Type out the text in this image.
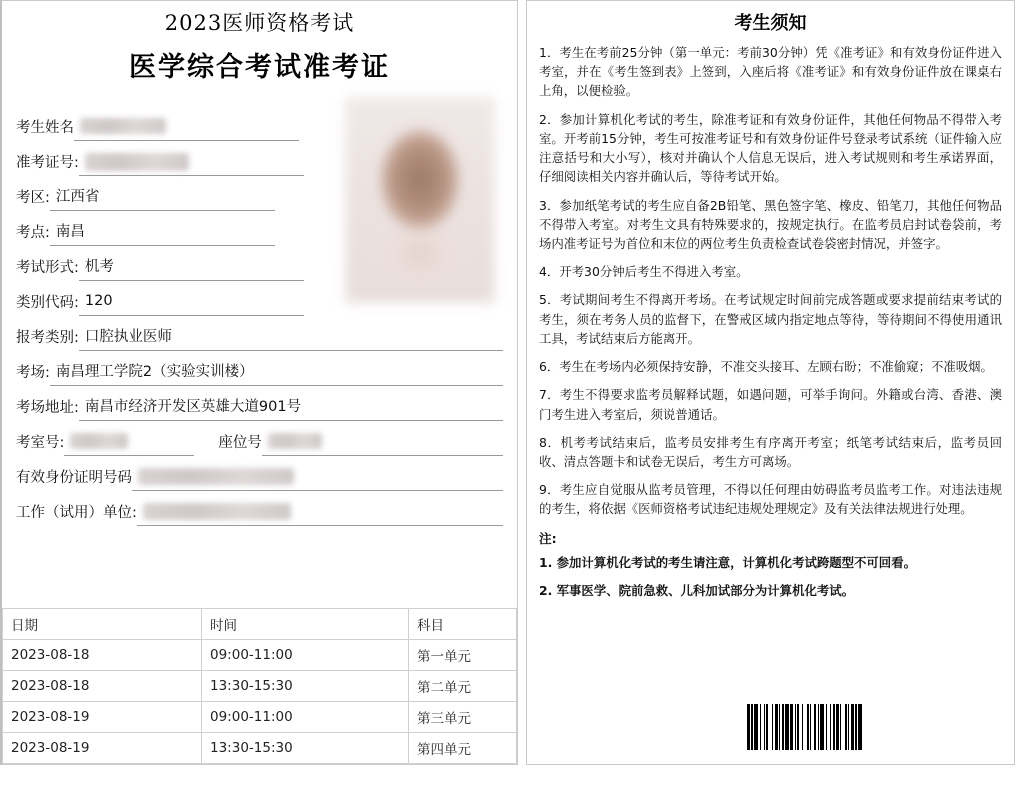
2023医师资格考试
医学综合考试准考证
考生姓名
准考证号:
考区: 江西省
考点: 南昌
考试形式: 机考
类别代码: 120
报考类别: 口腔执业医师
考场: 南昌理工学院2（实验实训楼）
考场地址: 南昌市经济开发区英雄大道901号
考室号:	座位号
有效身份证明号码
工作（试用）单位:
日期	时间	科目
2023-08-18	09:00-11:00	第一单元
2023-08-18	13:30-15:30	第二单元
2023-08-19	09:00-11:00	第三单元
2023-08-19	13:30-15:30	第四单元
考生须知

1．考生在考前25分钟（第一单元：考前30分钟）凭《准考证》和有效身份证件进入考室，并在《考生签到表》上签到，入座后将《准考证》和有效身份证件放在课桌右上角，以便检验。

2．参加计算机化考试的考生，除准考证和有效身份证件，其他任何物品不得带入考室。开考前15分钟，考生可按准考证号和有效身份证件号登录考试系统（证件输入应注意括号和大小写），核对并确认个人信息无误后，进入考试规则和考生承诺界面，仔细阅读相关内容并确认后，等待考试开始。

3．参加纸笔考试的考生应自备2B铅笔、黑色签字笔、橡皮、铅笔刀，其他任何物品不得带入考室。对考生文具有特殊要求的，按规定执行。在监考员启封试卷袋前，考场内准考证号为首位和末位的两位考生负责检查试卷袋密封情况，并签字。

4．开考30分钟后考生不得进入考室。

5．考试期间考生不得离开考场。在考试规定时间前完成答题或要求提前结束考试的考生，须在考务人员的监督下，在警戒区域内指定地点等待，等待期间不得使用通讯工具，考试结束后方能离开。

6．考生在考场内必须保持安静，不准交头接耳、左顾右盼；不准偷窥；不准吸烟。

7．考生不得要求监考员解释试题，如遇问题，可举手询问。外籍或台湾、香港、澳门考生进入考室后，须说普通话。

8．机考考试结束后，监考员安排考生有序离开考室；纸笔考试结束后，监考员回收、清点答题卡和试卷无误后，考生方可离场。

9．考生应自觉服从监考员管理，不得以任何理由妨碍监考员监考工作。对违法违规的考生，将依据《医师资格考试违纪违规处理规定》及有关法律法规进行处理。

注:

1. 参加计算机化考试的考生请注意，计算机化考试跨题型不可回看。

2. 军事医学、院前急救、儿科加试部分为计算机化考试。
